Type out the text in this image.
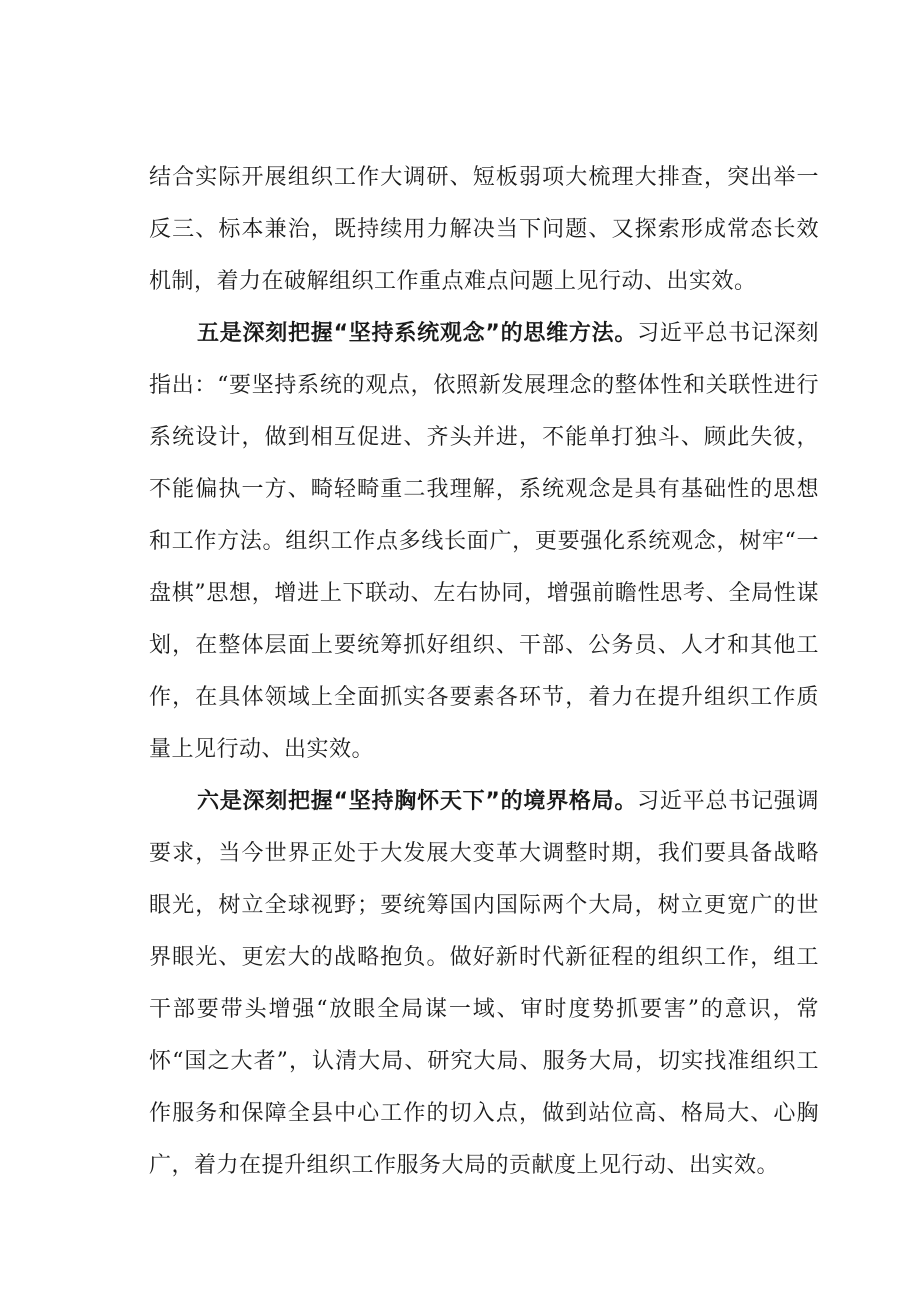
结合实际开展组织工作大调研、短板弱项大梳理大排查，突出举一反三、标本兼治，既持续用力解决当下问题、又探索形成常态长效机制，着力在破解组织工作重点难点问题上见行动、出实效。

五是深刻把握“坚持系统观念”的思维方法。习近平总书记深刻指出：“要坚持系统的观点，依照新发展理念的整体性和关联性进行系统设计，做到相互促进、齐头并进，不能单打独斗、顾此失彼，不能偏执一方、畸轻畸重二我理解，系统观念是具有基础性的思想和工作方法。组织工作点多线长面广，更要强化系统观念，树牢“一盘棋”思想，增进上下联动、左右协同，增强前瞻性思考、全局性谋划，在整体层面上要统筹抓好组织、干部、公务员、人才和其他工作，在具体领域上全面抓实各要素各环节，着力在提升组织工作质量上见行动、出实效。

六是深刻把握“坚持胸怀天下”的境界格局。习近平总书记强调要求，当今世界正处于大发展大变革大调整时期，我们要具备战略眼光，树立全球视野；要统筹国内国际两个大局，树立更宽广的世界眼光、更宏大的战略抱负。做好新时代新征程的组织工作，组工干部要带头增强“放眼全局谋一域、审时度势抓要害”的意识，常怀“国之大者”，认清大局、研究大局、服务大局，切实找准组织工作服务和保障全县中心工作的切入点，做到站位高、格局大、心胸广，着力在提升组织工作服务大局的贡献度上见行动、出实效。
